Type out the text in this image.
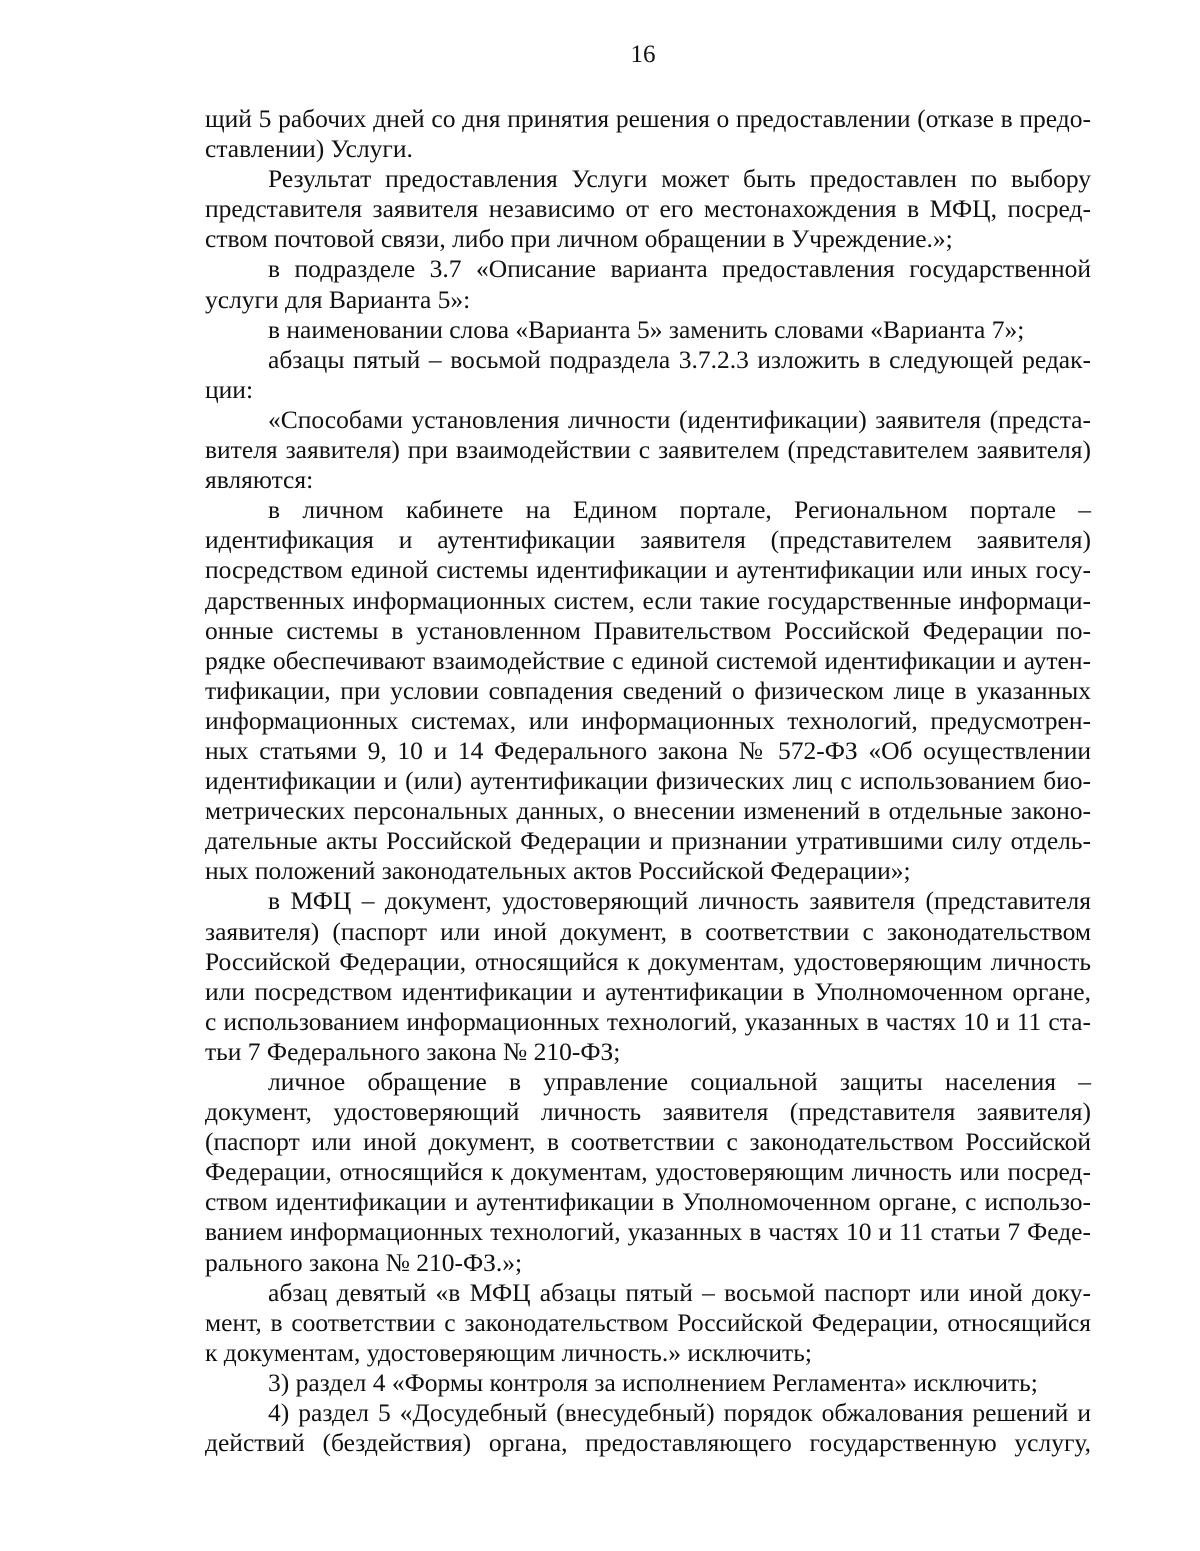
16
щий 5 рабочих дней со дня принятия решения о предоставлении (отказе в предо-
ставлении) Услуги.
Результат предоставления Услуги может быть предоставлен по выбору
представителя заявителя независимо от его местонахождения в МФЦ, посред-
ством почтовой связи, либо при личном обращении в Учреждение.»;
в подразделе 3.7 «Описание варианта предоставления государственной
услуги для Варианта 5»:
в наименовании слова «Варианта 5» заменить словами «Варианта 7»;
абзацы пятый – восьмой подраздела 3.7.2.3 изложить в следующей редак-
ции:
«Способами установления личности (идентификации) заявителя (предста-
вителя заявителя) при взаимодействии с заявителем (представителем заявителя)
являются:
в личном кабинете на Едином портале, Региональном портале –
идентификация и аутентификации заявителя (представителем заявителя)
посредством единой системы идентификации и аутентификации или иных госу-
дарственных информационных систем, если такие государственные информаци-
онные системы в установленном Правительством Российской Федерации по-
рядке обеспечивают взаимодействие с единой системой идентификации и аутен-
тификации, при условии совпадения сведений о физическом лице в указанных
информационных системах, или информационных технологий, предусмотрен-
ных статьями 9, 10 и 14 Федерального закона № 572-ФЗ «Об осуществлении
идентификации и (или) аутентификации физических лиц с использованием био-
метрических персональных данных, о внесении изменений в отдельные законо-
дательные акты Российской Федерации и признании утратившими силу отдель-
ных положений законодательных актов Российской Федерации»;
в МФЦ – документ, удостоверяющий личность заявителя (представителя
заявителя) (паспорт или иной документ, в соответствии с законодательством
Российской Федерации, относящийся к документам, удостоверяющим личность
или посредством идентификации и аутентификации в Уполномоченном органе,
с использованием информационных технологий, указанных в частях 10 и 11 ста-
тьи 7 Федерального закона № 210-ФЗ;
личное обращение в управление социальной защиты населения –
документ, удостоверяющий личность заявителя (представителя заявителя)
(паспорт или иной документ, в соответствии с законодательством Российской
Федерации, относящийся к документам, удостоверяющим личность или посред-
ством идентификации и аутентификации в Уполномоченном органе, с использо-
ванием информационных технологий, указанных в частях 10 и 11 статьи 7 Феде-
рального закона № 210-ФЗ.»;
абзац девятый «в МФЦ абзацы пятый – восьмой паспорт или иной доку-
мент, в соответствии с законодательством Российской Федерации, относящийся
к документам, удостоверяющим личность.» исключить;
3) раздел 4 «Формы контроля за исполнением Регламента» исключить;
4) раздел 5 «Досудебный (внесудебный) порядок обжалования решений и
действий (бездействия) органа, предоставляющего государственную услугу,
